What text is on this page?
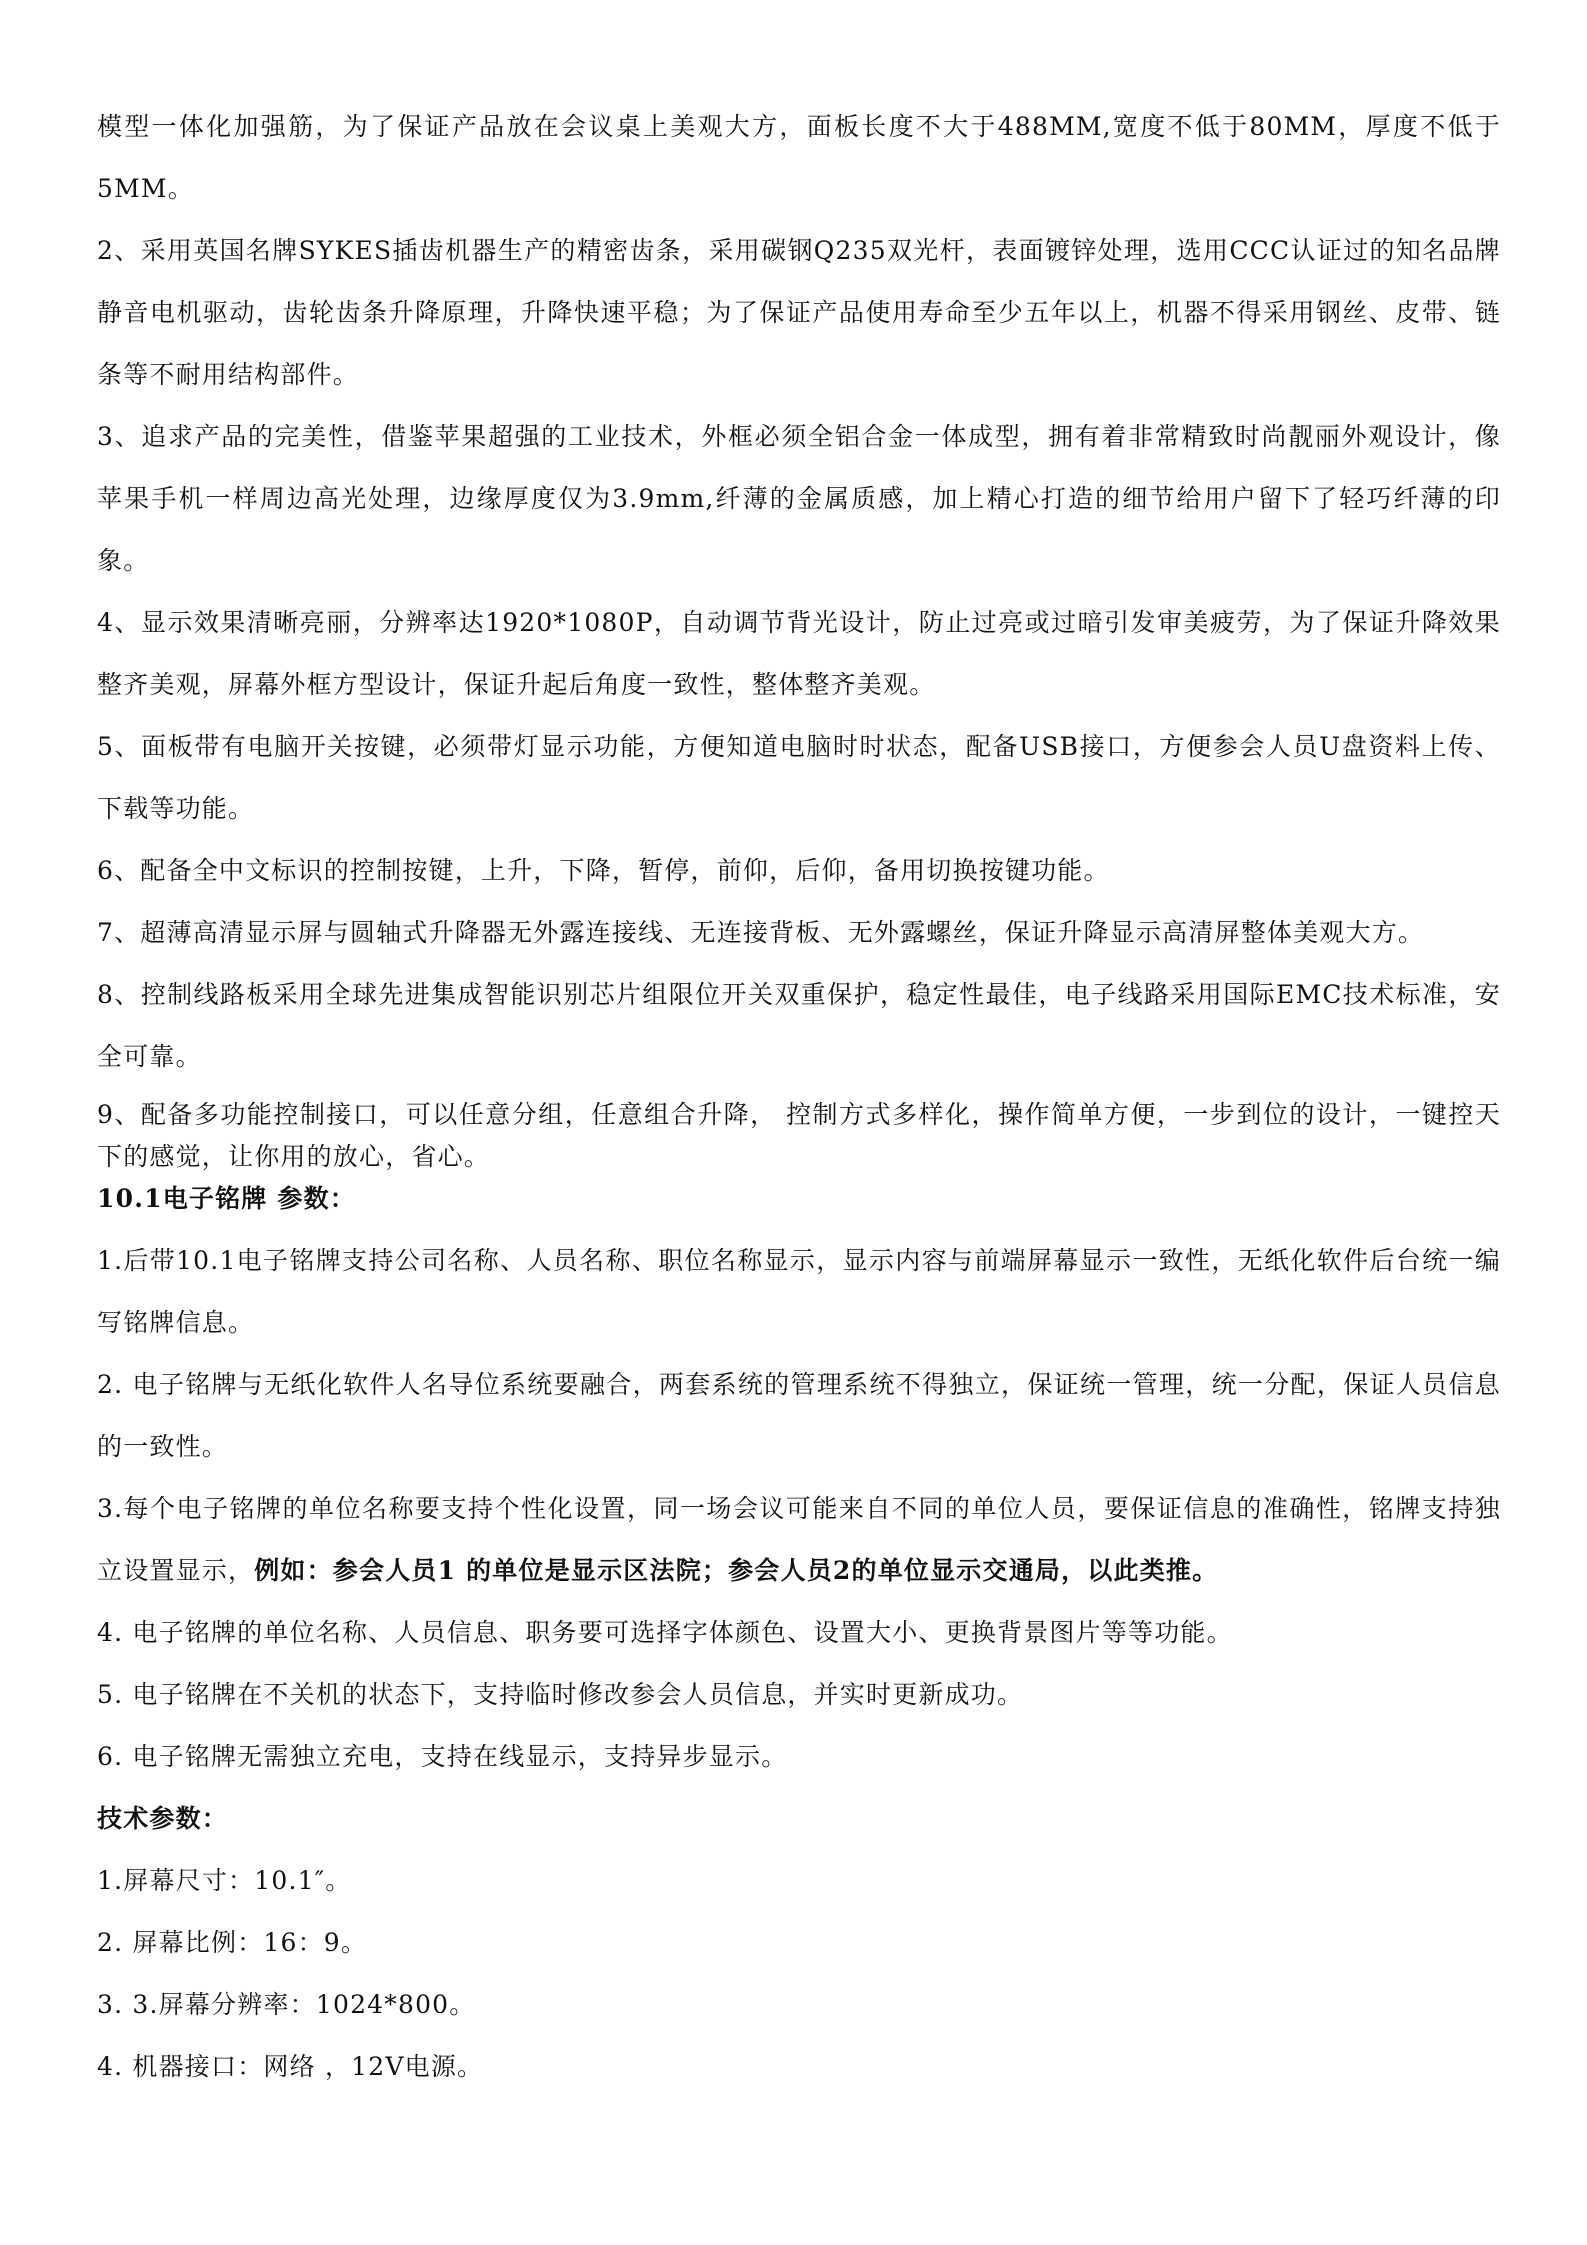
模型一体化加强筋，为了保证产品放在会议桌上美观大方，面板长度不大于488MM,宽度不低于80MM，厚度不低于5MM。

2、采用英国名牌SYKES插齿机器生产的精密齿条，采用碳钢Q235双光杆，表面镀锌处理，选用CCC认证过的知名品牌静音电机驱动，齿轮齿条升降原理，升降快速平稳；为了保证产品使用寿命至少五年以上，机器不得采用钢丝、皮带、链条等不耐用结构部件。

3、追求产品的完美性，借鉴苹果超强的工业技术，外框必须全铝合金一体成型，拥有着非常精致时尚靓丽外观设计，像苹果手机一样周边高光处理，边缘厚度仅为3.9mm,纤薄的金属质感，加上精心打造的细节给用户留下了轻巧纤薄的印象。

4、显示效果清晰亮丽，分辨率达1920*1080P，自动调节背光设计，防止过亮或过暗引发审美疲劳，为了保证升降效果整齐美观，屏幕外框方型设计，保证升起后角度一致性，整体整齐美观。

5、面板带有电脑开关按键，必须带灯显示功能，方便知道电脑时时状态，配备USB接口，方便参会人员U盘资料上传、下载等功能。

6、配备全中文标识的控制按键，上升，下降，暂停，前仰，后仰，备用切换按键功能。

7、超薄高清显示屏与圆轴式升降器无外露连接线、无连接背板、无外露螺丝，保证升降显示高清屏整体美观大方。

8、控制线路板采用全球先进集成智能识别芯片组限位开关双重保护，稳定性最佳，电子线路采用国际EMC技术标准，安全可靠。

9、配备多功能控制接口，可以任意分组，任意组合升降， 控制方式多样化，操作简单方便，一步到位的设计，一键控天下的感觉，让你用的放心，省心。

10.1电子铭牌 参数：

1.后带10.1电子铭牌支持公司名称、人员名称、职位名称显示，显示内容与前端屏幕显示一致性，无纸化软件后台统一编写铭牌信息。

2. 电子铭牌与无纸化软件人名导位系统要融合，两套系统的管理系统不得独立，保证统一管理，统一分配，保证人员信息的一致性。

3.每个电子铭牌的单位名称要支持个性化设置，同一场会议可能来自不同的单位人员，要保证信息的准确性，铭牌支持独立设置显示，例如：参会人员1 的单位是显示区法院；参会人员2的单位显示交通局，以此类推。

4. 电子铭牌的单位名称、人员信息、职务要可选择字体颜色、设置大小、更换背景图片等等功能。

5. 电子铭牌在不关机的状态下，支持临时修改参会人员信息，并实时更新成功。

6. 电子铭牌无需独立充电，支持在线显示，支持异步显示。

技术参数：

1.屏幕尺寸：10.1″。

2. 屏幕比例：16：9。

3. 3.屏幕分辨率：1024*800。

4. 机器接口：网络 ，12V电源。
